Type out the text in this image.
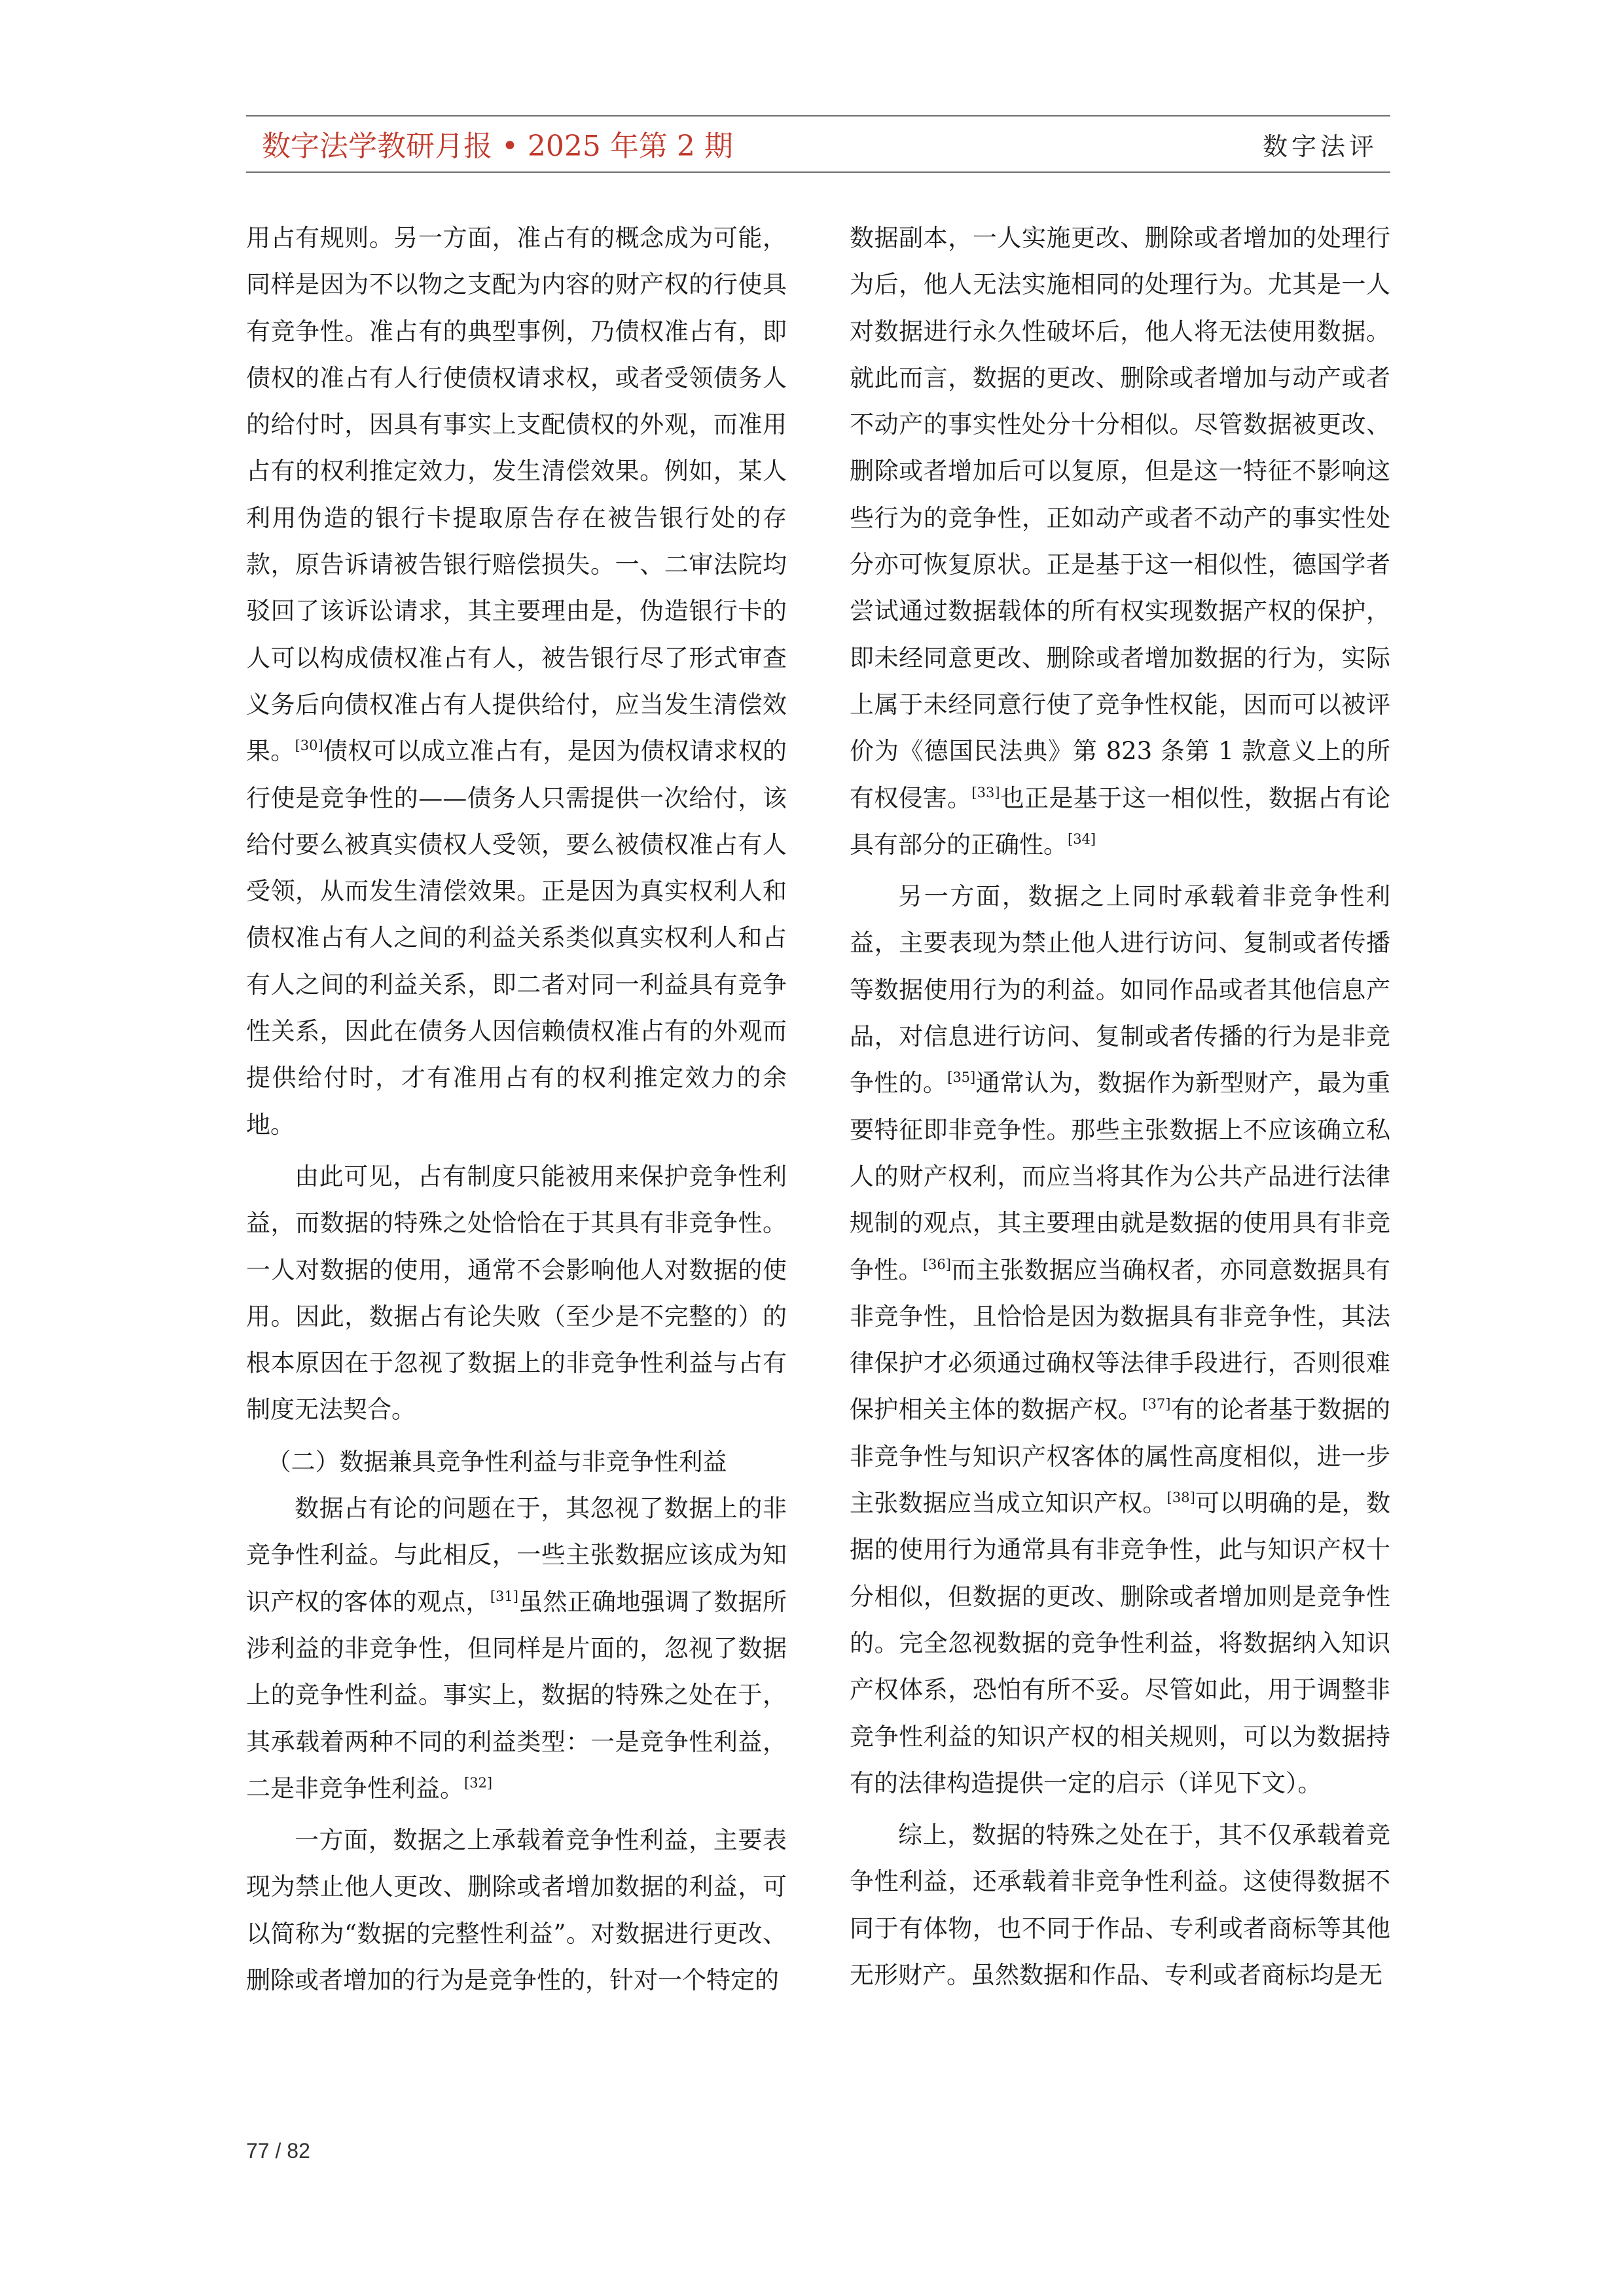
数字法学教研月报 • 2025 年第 2 期	数字法评

用占有规则。另一方面，准占有的概念成为可能，同样是因为不以物之支配为内容的财产权的行使具有竞争性。准占有的典型事例，乃债权准占有，即债权的准占有人行使债权请求权，或者受领债务人的给付时，因具有事实上支配债权的外观，而准用占有的权利推定效力，发生清偿效果。例如，某人利用伪造的银行卡提取原告存在被告银行处的存款，原告诉请被告银行赔偿损失。一、二审法院均驳回了该诉讼请求，其主要理由是，伪造银行卡的人可以构成债权准占有人，被告银行尽了形式审查义务后向债权准占有人提供给付，应当发生清偿效果。[30]债权可以成立准占有，是因为债权请求权的行使是竞争性的——债务人只需提供一次给付，该给付要么被真实债权人受领，要么被债权准占有人受领，从而发生清偿效果。正是因为真实权利人和债权准占有人之间的利益关系类似真实权利人和占有人之间的利益关系，即二者对同一利益具有竞争性关系，因此在债务人因信赖债权准占有的外观而提供给付时，才有准用占有的权利推定效力的余地。

由此可见，占有制度只能被用来保护竞争性利益，而数据的特殊之处恰恰在于其具有非竞争性。一人对数据的使用，通常不会影响他人对数据的使用。因此，数据占有论失败（至少是不完整的）的根本原因在于忽视了数据上的非竞争性利益与占有制度无法契合。

（二）数据兼具竞争性利益与非竞争性利益

数据占有论的问题在于，其忽视了数据上的非竞争性利益。与此相反，一些主张数据应该成为知识产权的客体的观点，[31]虽然正确地强调了数据所涉利益的非竞争性，但同样是片面的，忽视了数据上的竞争性利益。事实上，数据的特殊之处在于，其承载着两种不同的利益类型：一是竞争性利益，二是非竞争性利益。[32]

一方面，数据之上承载着竞争性利益，主要表现为禁止他人更改、删除或者增加数据的利益，可以简称为“数据的完整性利益”。对数据进行更改、删除或者增加的行为是竞争性的，针对一个特定的

数据副本，一人实施更改、删除或者增加的处理行为后，他人无法实施相同的处理行为。尤其是一人对数据进行永久性破坏后，他人将无法使用数据。就此而言，数据的更改、删除或者增加与动产或者不动产的事实性处分十分相似。尽管数据被更改、删除或者增加后可以复原，但是这一特征不影响这些行为的竞争性，正如动产或者不动产的事实性处分亦可恢复原状。正是基于这一相似性，德国学者尝试通过数据载体的所有权实现数据产权的保护，即未经同意更改、删除或者增加数据的行为，实际上属于未经同意行使了竞争性权能，因而可以被评价为《德国民法典》第 823 条第 1 款意义上的所有权侵害。[33]也正是基于这一相似性，数据占有论具有部分的正确性。[34]

另一方面，数据之上同时承载着非竞争性利益，主要表现为禁止他人进行访问、复制或者传播等数据使用行为的利益。如同作品或者其他信息产品，对信息进行访问、复制或者传播的行为是非竞争性的。[35]通常认为，数据作为新型财产，最为重要特征即非竞争性。那些主张数据上不应该确立私人的财产权利，而应当将其作为公共产品进行法律规制的观点，其主要理由就是数据的使用具有非竞争性。[36]而主张数据应当确权者，亦同意数据具有非竞争性，且恰恰是因为数据具有非竞争性，其法律保护才必须通过确权等法律手段进行，否则很难保护相关主体的数据产权。[37]有的论者基于数据的非竞争性与知识产权客体的属性高度相似，进一步主张数据应当成立知识产权。[38]可以明确的是，数据的使用行为通常具有非竞争性，此与知识产权十分相似，但数据的更改、删除或者增加则是竞争性的。完全忽视数据的竞争性利益，将数据纳入知识产权体系，恐怕有所不妥。尽管如此，用于调整非竞争性利益的知识产权的相关规则，可以为数据持有的法律构造提供一定的启示（详见下文）。

综上，数据的特殊之处在于，其不仅承载着竞争性利益，还承载着非竞争性利益。这使得数据不同于有体物，也不同于作品、专利或者商标等其他无形财产。虽然数据和作品、专利或者商标均是无

77 / 82
